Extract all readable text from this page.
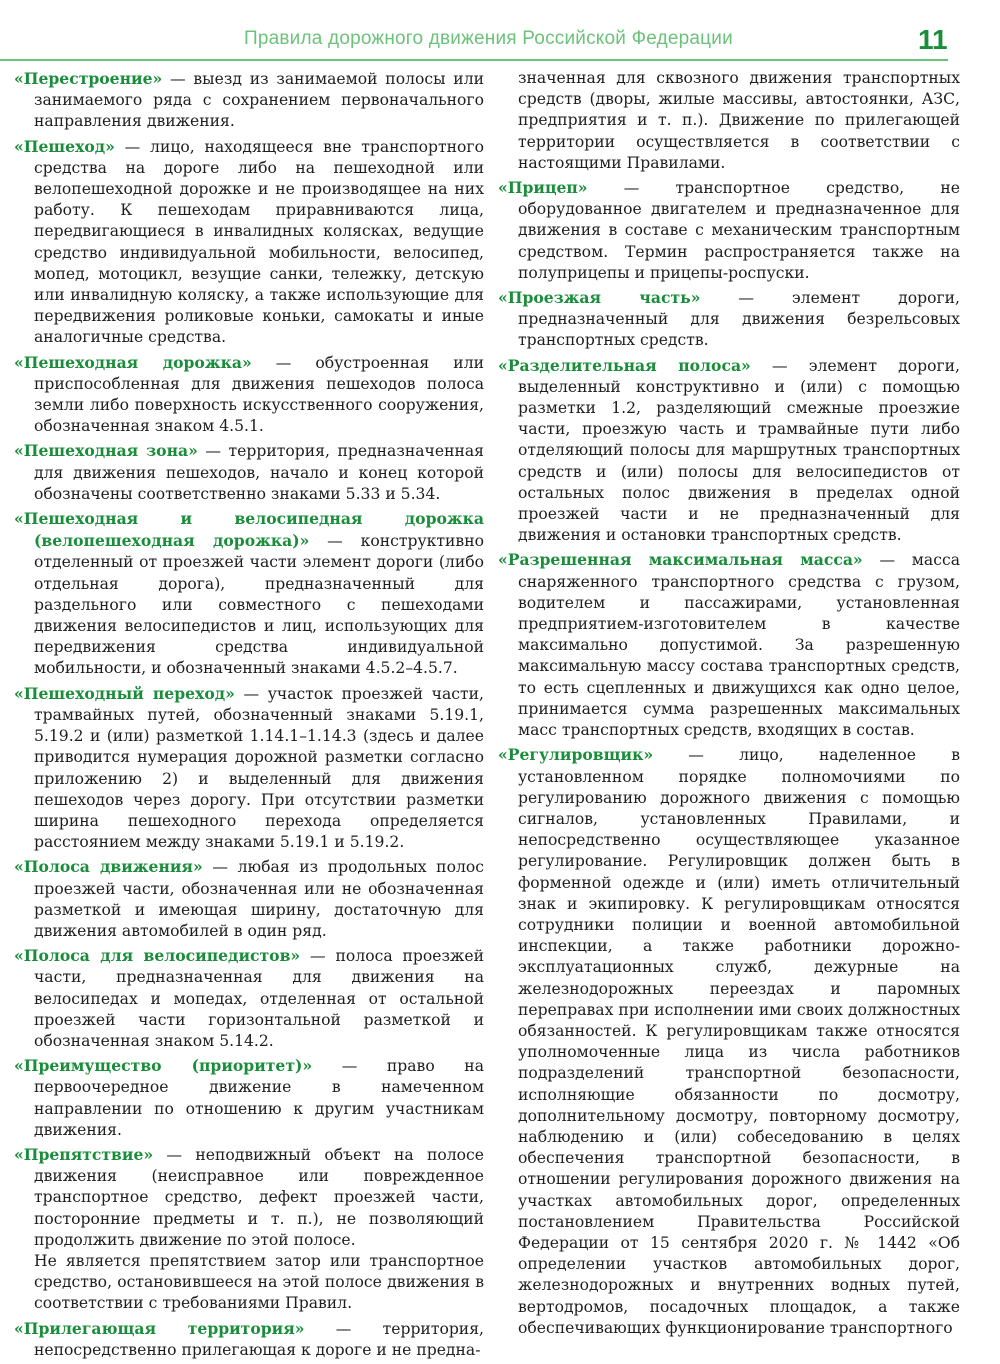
Правила дорожного движения Российской Федерации	11

«Перестроение» — выезд из занимаемой полосы или занимаемого ряда с сохранением первоначального направления движения.

«Пешеход» — лицо, находящееся вне транспортного средства на дороге либо на пешеходной или велопешеходной дорожке и не производящее на них работу. К пешеходам приравниваются лица, передвигающиеся в инвалидных колясках, ведущие средство индивидуальной мобильности, велосипед, мопед, мотоцикл, везущие санки, тележку, детскую или инвалидную коляску, а также использующие для передвижения роликовые коньки, самокаты и иные аналогичные средства.

«Пешеходная дорожка» — обустроенная или приспособленная для движения пешеходов полоса земли либо поверхность искусственного сооружения, обозначенная знаком 4.5.1.

«Пешеходная зона» — территория, предназначенная для движения пешеходов, начало и конец которой обозначены соответственно знаками 5.33 и 5.34.

«Пешеходная и велосипедная дорожка (велопешеходная дорожка)» — конструктивно отделенный от проезжей части элемент дороги (либо отдельная дорога), предназначенный для раздельного или совместного с пешеходами движения велосипедистов и лиц, использующих для передвижения средства индивидуальной мобильности, и обозначенный знаками 4.5.2–4.5.7.

«Пешеходный переход» — участок проезжей части, трамвайных путей, обозначенный знаками 5.19.1, 5.19.2 и (или) разметкой 1.14.1–1.14.3 (здесь и далее приводится нумерация дорожной разметки согласно приложению 2) и выделенный для движения пешеходов через дорогу. При отсутствии разметки ширина пешеходного перехода определяется расстоянием между знаками 5.19.1 и 5.19.2.

«Полоса движения» — любая из продольных полос проезжей части, обозначенная или не обозначенная разметкой и имеющая ширину, достаточную для движения автомобилей в один ряд.

«Полоса для велосипедистов» — полоса проезжей части, предназначенная для движения на велосипедах и мопедах, отделенная от остальной проезжей части горизонтальной разметкой и обозначенная знаком 5.14.2.

«Преимущество (приоритет)» — право на первоочередное движение в намеченном направлении по отношению к другим участникам движения.

«Препятствие» — неподвижный объект на полосе движения (неисправное или поврежденное транспортное средство, дефект проезжей части, посторонние предметы и т. п.), не позволяющий продолжить движение по этой полосе.

Не является препятствием затор или транспортное средство, остановившееся на этой полосе движения в соответствии с требованиями Правил.

«Прилегающая территория» — территория, непосредственно прилегающая к дороге и не предна-

значенная для сквозного движения транспортных средств (дворы, жилые массивы, автостоянки, АЗС, предприятия и т. п.). Движение по прилегающей территории осуществляется в соответствии с настоящими Правилами.

«Прицеп» — транспортное средство, не оборудованное двигателем и предназначенное для движения в составе с механическим транспортным средством. Термин распространяется также на полуприцепы и прицепы-роспуски.

«Проезжая часть» — элемент дороги, предназначенный для движения безрельсовых транспортных средств.

«Разделительная полоса» — элемент дороги, выделенный конструктивно и (или) с помощью разметки 1.2, разделяющий смежные проезжие части, проезжую часть и трамвайные пути либо отделяющий полосы для маршрутных транспортных средств и (или) полосы для велосипедистов от остальных полос движения в пределах одной проезжей части и не предназначенный для движения и остановки транспортных средств.

«Разрешенная максимальная масса» — масса снаряженного транспортного средства с грузом, водителем и пассажирами, установленная предприятием-изготовителем в качестве максимально допустимой. За разрешенную максимальную массу состава транспортных средств, то есть сцепленных и движущихся как одно целое, принимается сумма разрешенных максимальных масс транспортных средств, входящих в состав.

«Регулировщик» — лицо, наделенное в установленном порядке полномочиями по регулированию дорожного движения с помощью сигналов, установленных Правилами, и непосредственно осуществляющее указанное регулирование. Регулировщик должен быть в форменной одежде и (или) иметь отличительный знак и экипировку. К регулировщикам относятся сотрудники полиции и военной автомобильной инспекции, а также работники дорожно-эксплуатационных служб, дежурные на железнодорожных переездах и паромных переправах при исполнении ими своих должностных обязанностей. К регулировщикам также относятся уполномоченные лица из числа работников подразделений транспортной безопасности, исполняющие обязанности по досмотру, дополнительному досмотру, повторному досмотру, наблюдению и (или) собеседованию в целях обеспечения транспортной безопасности, в отношении регулирования дорожного движения на участках автомобильных дорог, определенных постановлением Правительства Российской Федерации от 15 сентября 2020 г. № 1442 «Об определении участков автомобильных дорог, железнодорожных и внутренних водных путей, вертодромов, посадочных площадок, а также обеспечивающих функционирование транспортного
